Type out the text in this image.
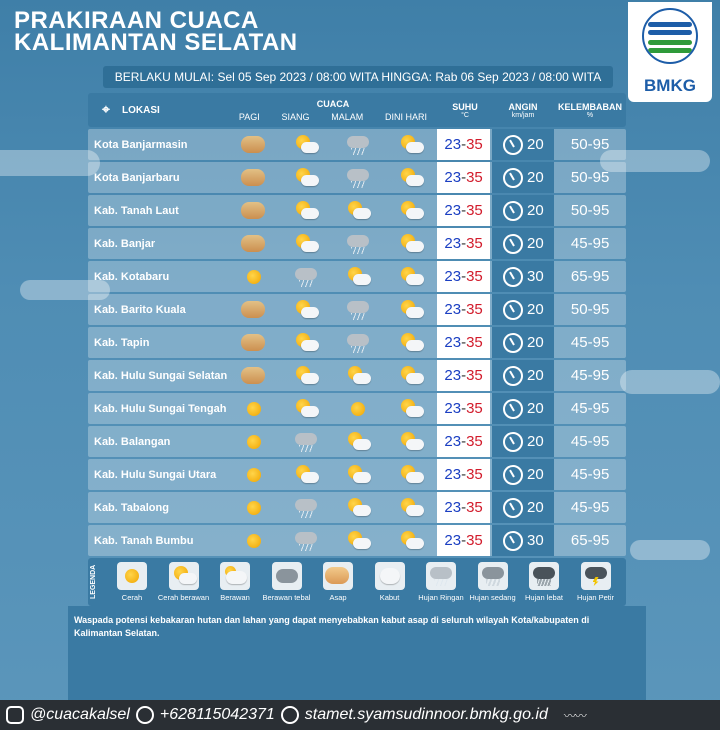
PRAKIRAAN CUACA
KALIMANTAN SELATAN
BMKG
BERLAKU MULAI: Sel 05 Sep 2023 / 08:00 WITA HINGGA: Rab 06 Sep 2023 / 08:00 WITA
⌖ LOKASI
CUACA
PAGI SIANG MALAM DINI HARI
SUHU
°C
ANGIN
km/jam
KELEMBABAN
%
Kota Banjarmasin	23 - 35	20	50-95
Kota Banjarbaru	23 - 35	20	50-95
Kab. Tanah Laut	23 - 35	20	50-95
Kab. Banjar	23 - 35	20	45-95
Kab. Kotabaru	23 - 35	30	65-95
Kab. Barito Kuala	23 - 35	20	50-95
Kab. Tapin	23 - 35	20	45-95
Kab. Hulu Sungai Selatan	23 - 35	20	45-95
Kab. Hulu Sungai Tengah	23 - 35	20	45-95
Kab. Balangan	23 - 35	20	45-95
Kab. Hulu Sungai Utara	23 - 35	20	45-95
Kab. Tabalong	23 - 35	20	45-95
Kab. Tanah Bumbu	23 - 35	30	65-95
LEGENDA	Cerah	Cerah berawan	Berawan	Berawan tebal	Asap	Kabut	Hujan Ringan Hujan sedang	Hujan lebat	Hujan Petir
Waspada potensi kebakaran hutan dan lahan yang dapat menyebabkan kabut asap di seluruh wilayah Kota/kabupaten di Kalimantan Selatan.
@cuacakalsel +628115042371 stamet.syamsudinnoor.bmkg.go.id 〰〰
